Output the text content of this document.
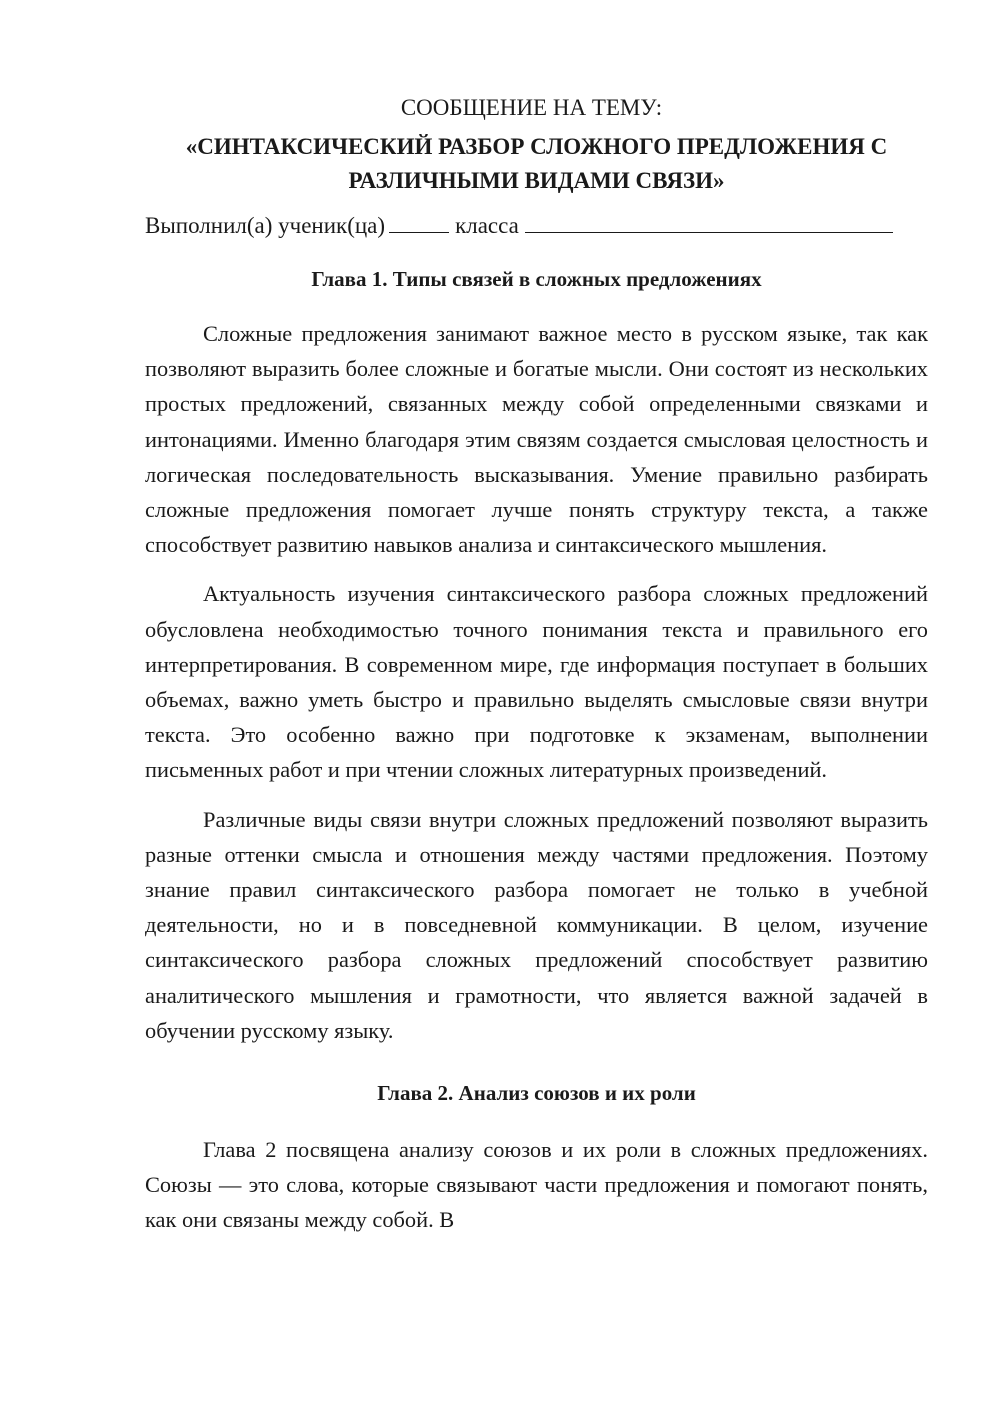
СООБЩЕНИЕ НА ТЕМУ:

«СИНТАКСИЧЕСКИЙ РАЗБОР СЛОЖНОГО ПРЕДЛОЖЕНИЯ С РАЗЛИЧНЫМИ ВИДАМИ СВЯЗИ»

Выполнил(а) ученик(ца)	класса

Глава 1. Типы связей в сложных предложениях

Сложные предложения занимают важное место в русском языке, так как позволяют выразить более сложные и богатые мысли. Они состоят из нескольких простых предложений, связанных между собой определенными связками и интонациями. Именно благодаря этим связям создается смысловая целостность и логическая последовательность высказывания. Умение правильно разбирать сложные предложения помогает лучше понять структуру текста, а также способствует развитию навыков анализа и синтаксического мышления.

Актуальность изучения синтаксического разбора сложных предложений обусловлена необходимостью точного понимания текста и правильного его интерпретирования. В современном мире, где информация поступает в больших объемах, важно уметь быстро и правильно выделять смысловые связи внутри текста. Это особенно важно при подготовке к экзаменам, выполнении письменных работ и при чтении сложных литературных произведений.

Различные виды связи внутри сложных предложений позволяют выразить разные оттенки смысла и отношения между частями предложения. Поэтому знание правил синтаксического разбора помогает не только в учебной деятельности, но и в повседневной коммуникации. В целом, изучение синтаксического разбора сложных предложений способствует развитию аналитического мышления и грамотности, что является важной задачей в обучении русскому языку.

Глава 2. Анализ союзов и их роли

Глава 2 посвящена анализу союзов и их роли в сложных предложениях. Союзы — это слова, которые связывают части предложения и помогают понять, как они связаны между собой. В
